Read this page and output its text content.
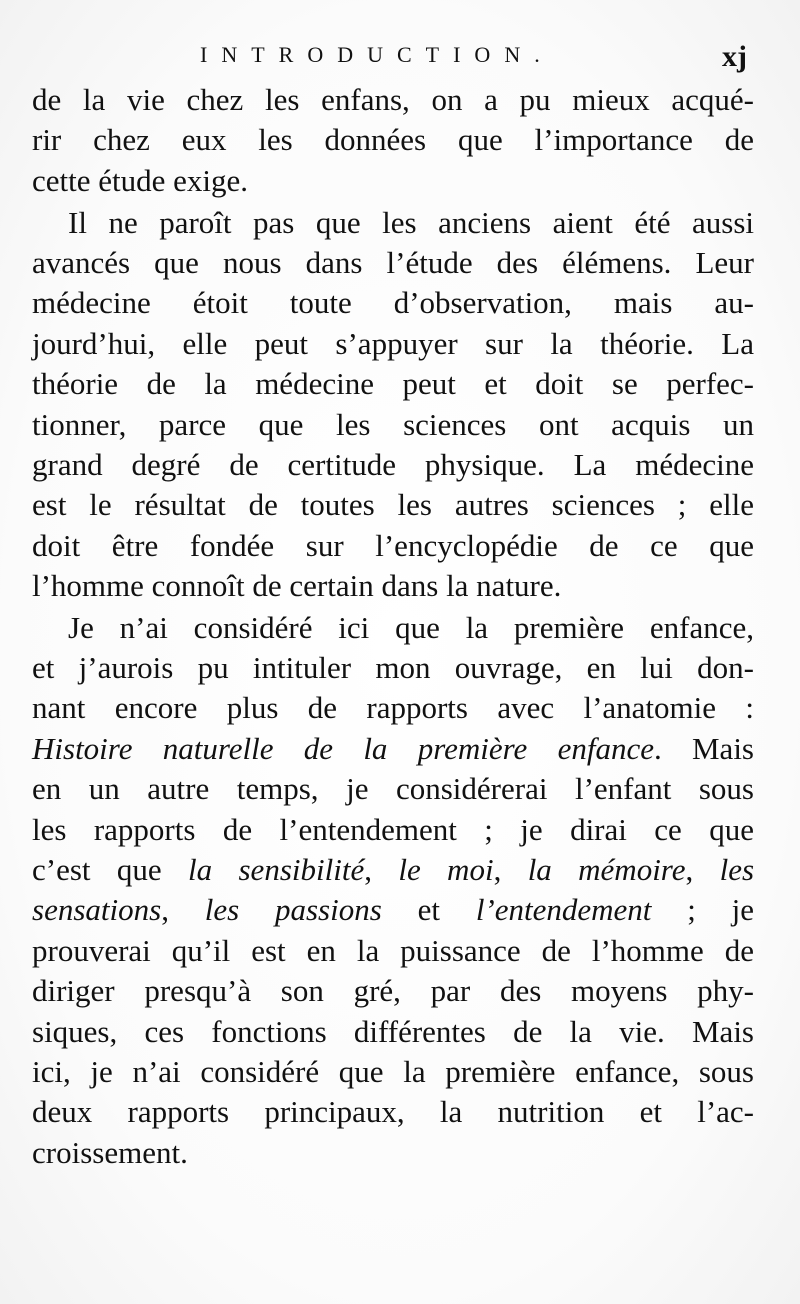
INTRODUCTION.	xj
de la vie chez les enfans, on a pu mieux acqué-
rir chez eux les données que l’importance de
cette étude exige.
Il ne paroît pas que les anciens aient été aussi
avancés que nous dans l’étude des élémens. Leur
médecine étoit toute d’observation, mais au-
jourd’hui, elle peut s’appuyer sur la théorie. La
théorie de la médecine peut et doit se perfec-
tionner, parce que les sciences ont acquis un
grand degré de certitude physique. La médecine
est le résultat de toutes les autres sciences ; elle
doit être fondée sur l’encyclopédie de ce que
l’homme connoît de certain dans la nature.
Je n’ai considéré ici que la première enfance,
et j’aurois pu intituler mon ouvrage, en lui don-
nant encore plus de rapports avec l’anatomie :
Histoire naturelle de la première enfance. Mais
en un autre temps, je considérerai l’enfant sous
les rapports de l’entendement ; je dirai ce que
c’est que la sensibilité, le moi, la mémoire, les
sensations, les passions et l’entendement ; je
prouverai qu’il est en la puissance de l’homme de
diriger presqu’à son gré, par des moyens phy-
siques, ces fonctions différentes de la vie. Mais
ici, je n’ai considéré que la première enfance, sous
deux rapports principaux, la nutrition et l’ac-
croissement.
